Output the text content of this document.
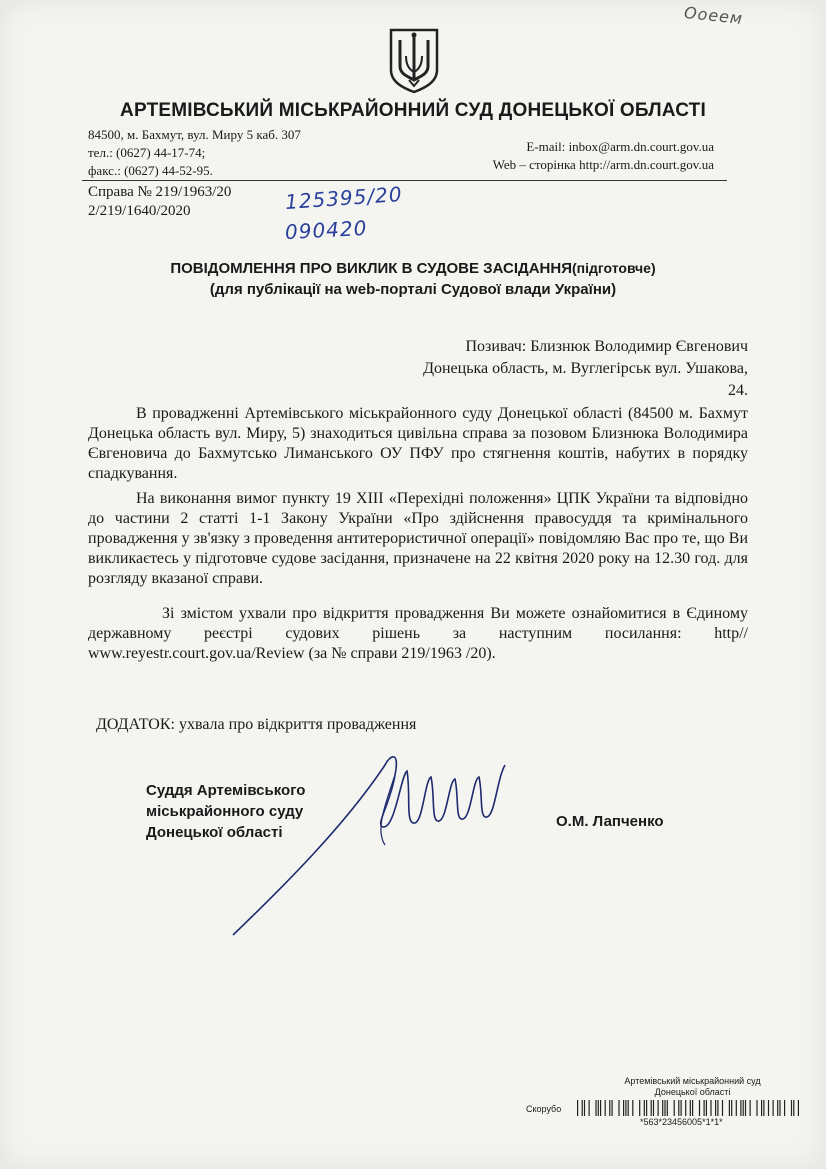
Ооеем
АРТЕМІВСЬКИЙ МІСЬКРАЙОННИЙ СУД ДОНЕЦЬКОЇ ОБЛАСТІ
84500, м. Бахмут, вул. Миру 5 каб. 307
тел.: (0627) 44-17-74;
факс.: (0627) 44-52-95.
E-mail: inbox@arm.dn.court.gov.ua
Web – сторінка http://arm.dn.court.gov.ua
Справа № 219/1963/20
2/219/1640/2020	125395/20
090420
ПОВІДОМЛЕННЯ ПРО ВИКЛИК В СУДОВЕ ЗАСІДАННЯ(підготовче)
(для публікації на web-порталі Судової влади України)
Позивач: Близнюк Володимир Євгенович
Донецька область, м. Вуглегірськ вул. Ушакова,
24.
В провадженні Артемівського міськрайонного суду Донецької області (84500 м. Бахмут Донецька область вул. Миру, 5) знаходиться цивільна справа за позовом Близнюка Володимира Євгеновича до Бахмутсько Лиманського ОУ ПФУ про стягнення коштів, набутих в порядку спадкування.
На виконання вимог пункту 19 XIII «Перехідні положення» ЦПК України та відповідно до частини 2 статті 1-1 Закону України «Про здійснення правосуддя та кримінального провадження у зв'язку з проведення антитерористичної операції» повідомляю Вас про те, що Ви викликаєтесь у підготовче судове засідання, призначене на 22 квітня 2020 року на 12.30 год. для розгляду вказаної справи.
Зі змістом ухвали про відкриття провадження Ви можете ознайомитися в Єдиному державному реєстрі судових рішень за наступним посилання: http// www.reyestr.court.gov.ua/Review (за № справи 219/1963 /20).
ДОДАТОК: ухвала про відкриття провадження
Суддя Артемівського
міськрайонного суду
Донецької області
О.М. Лапченко
Артемівський міськрайонний суд
Донецької області
Скорубо
*563*23456005*1*1*
